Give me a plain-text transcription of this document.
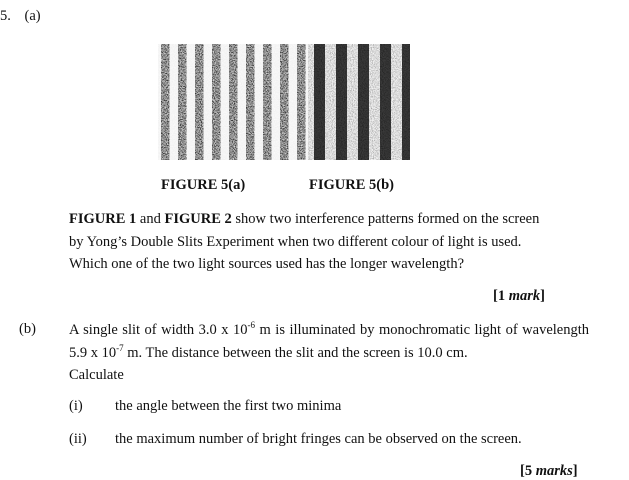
5. (a)
FIGURE 5(a)	FIGURE 5(b)
FIGURE 1 and FIGURE 2 show two interference patterns formed on the screen
by Yong’s Double Slits Experiment when two different colour of light is used.
Which one of the two light sources used has the longer wavelength?
[1 mark]
(b) A single slit of width 3.0 x $10^{-6}$ m is illuminated by monochromatic light of wavelength 5.9 x $10^{-7}$ m. The distance between the slit and the screen is 10.0 cm.
Calculate
(i) the angle between the first two minima
(ii) the maximum number of bright fringes can be observed on the screen.
[5 marks]
